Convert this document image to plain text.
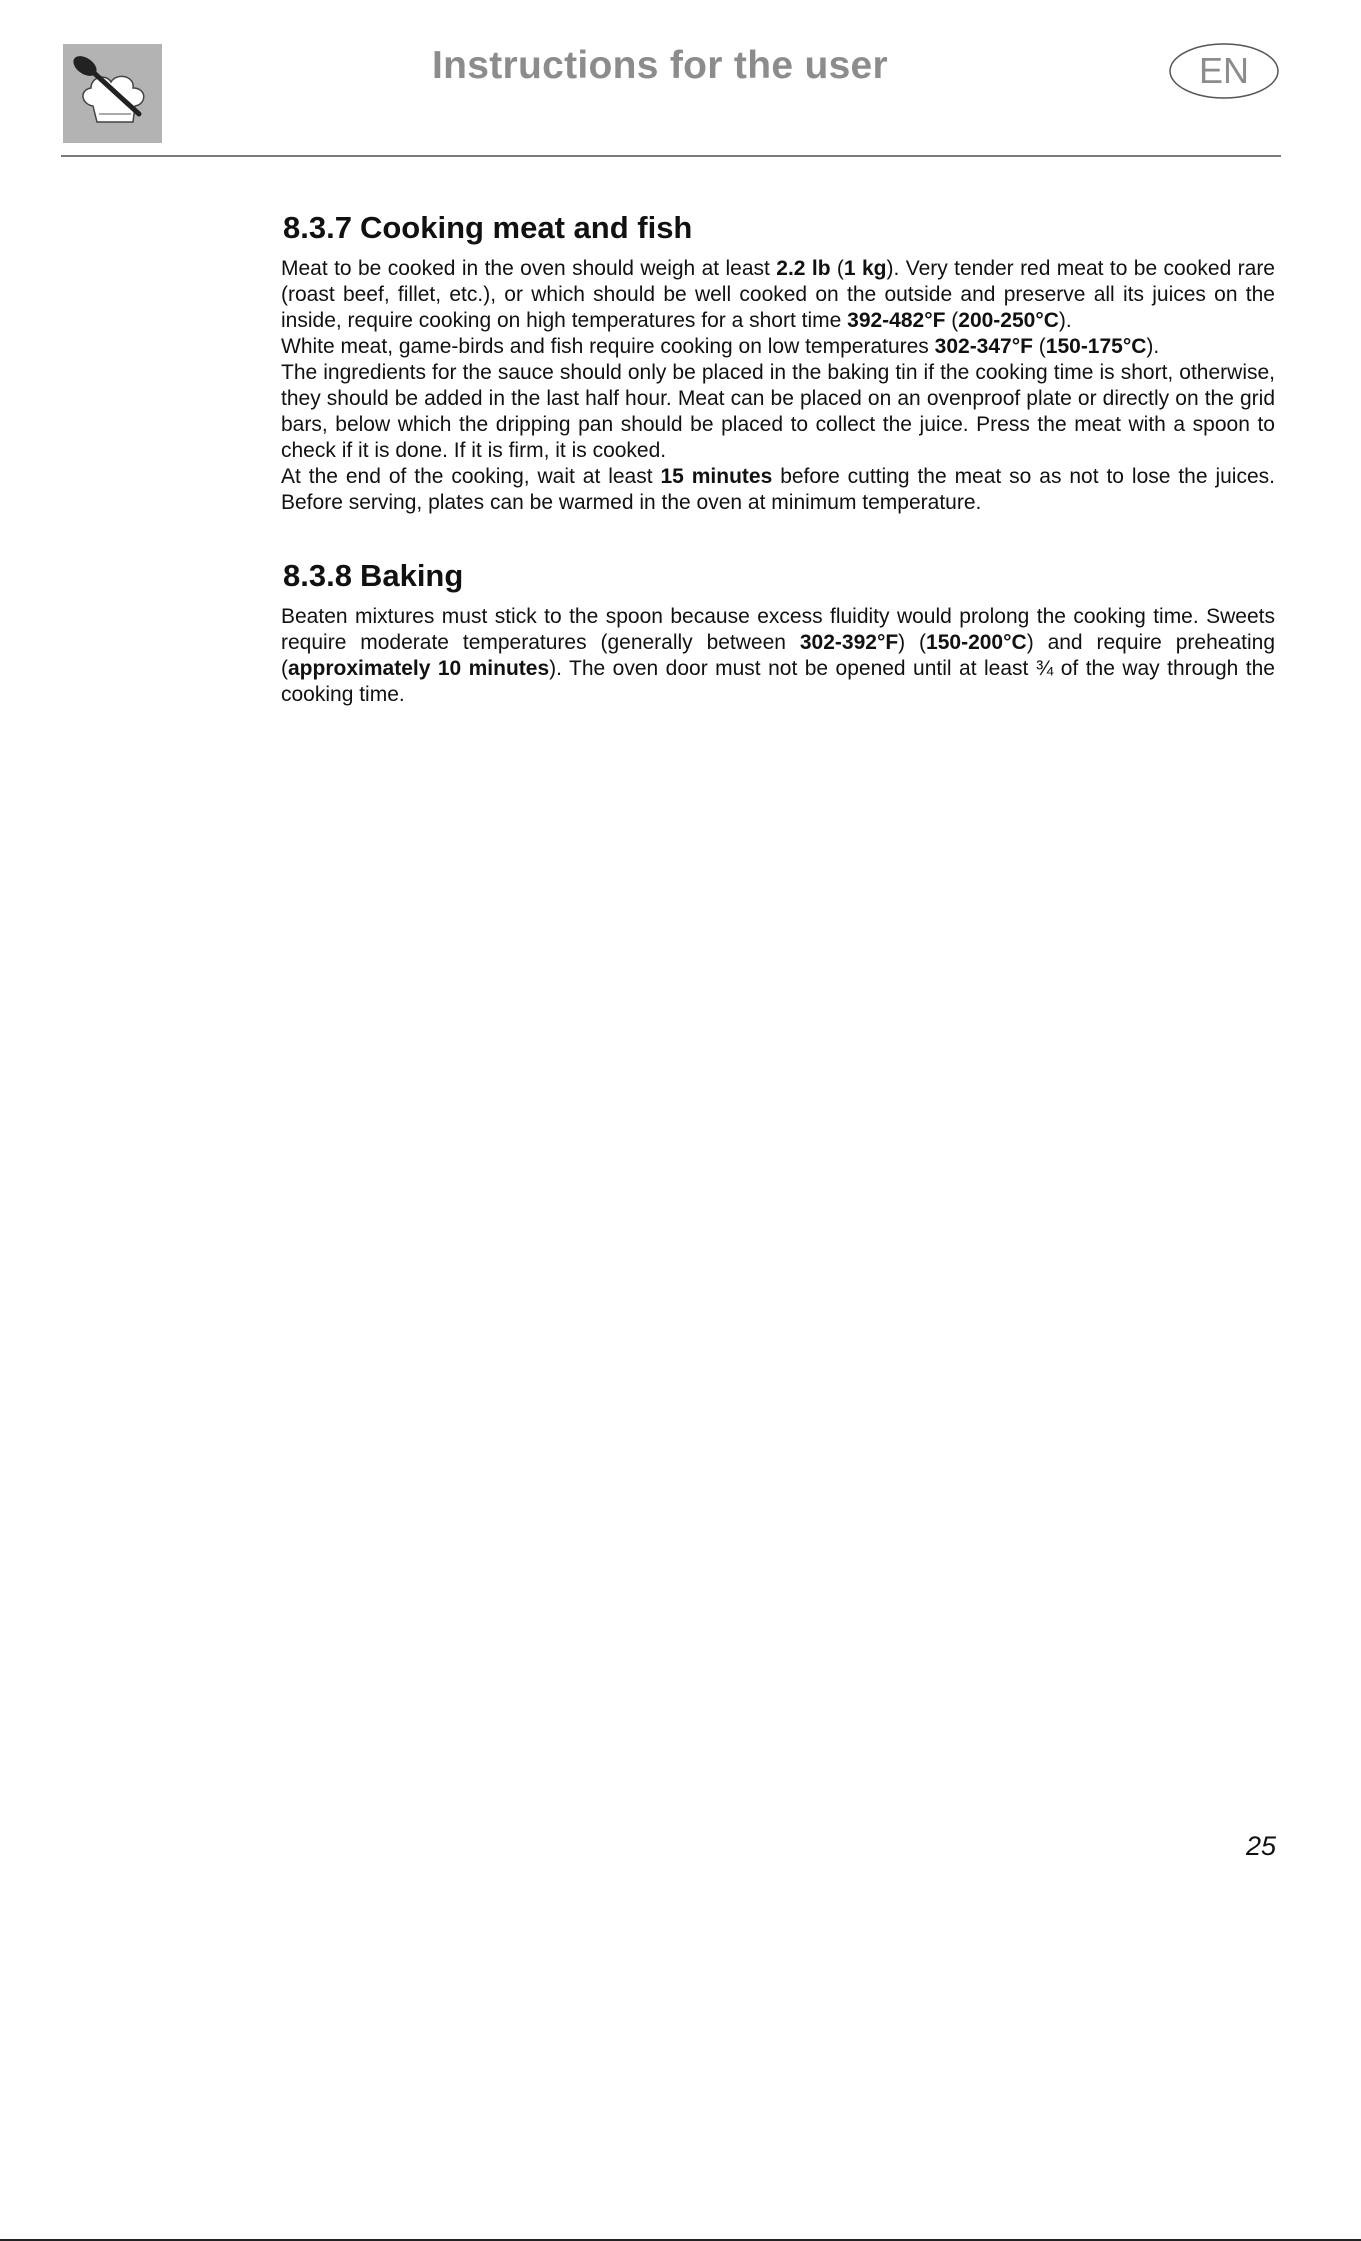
Instructions for the user	EN
8.3.7 Cooking meat and fish

Meat to be cooked in the oven should weigh at least 2.2 lb (1 kg). Very tender red meat to be cooked rare (roast beef, fillet, etc.), or which should be well cooked on the outside and preserve all its juices on the inside, require cooking on high temperatures for a short time 392-482°F (200-250°C).

White meat, game-birds and fish require cooking on low temperatures 302-347°F (150-175°C).

The ingredients for the sauce should only be placed in the baking tin if the cooking time is short, otherwise, they should be added in the last half hour. Meat can be placed on an ovenproof plate or directly on the grid bars, below which the dripping pan should be placed to collect the juice. Press the meat with a spoon to check if it is done. If it is firm, it is cooked.

At the end of the cooking, wait at least 15 minutes before cutting the meat so as not to lose the juices. Before serving, plates can be warmed in the oven at minimum temperature.

8.3.8 Baking

Beaten mixtures must stick to the spoon because excess fluidity would prolong the cooking time. Sweets require moderate temperatures (generally between 302-392°F) (150-200°C) and require preheating (approximately 10 minutes). The oven door must not be opened until at least ¾ of the way through the cooking time.

25
